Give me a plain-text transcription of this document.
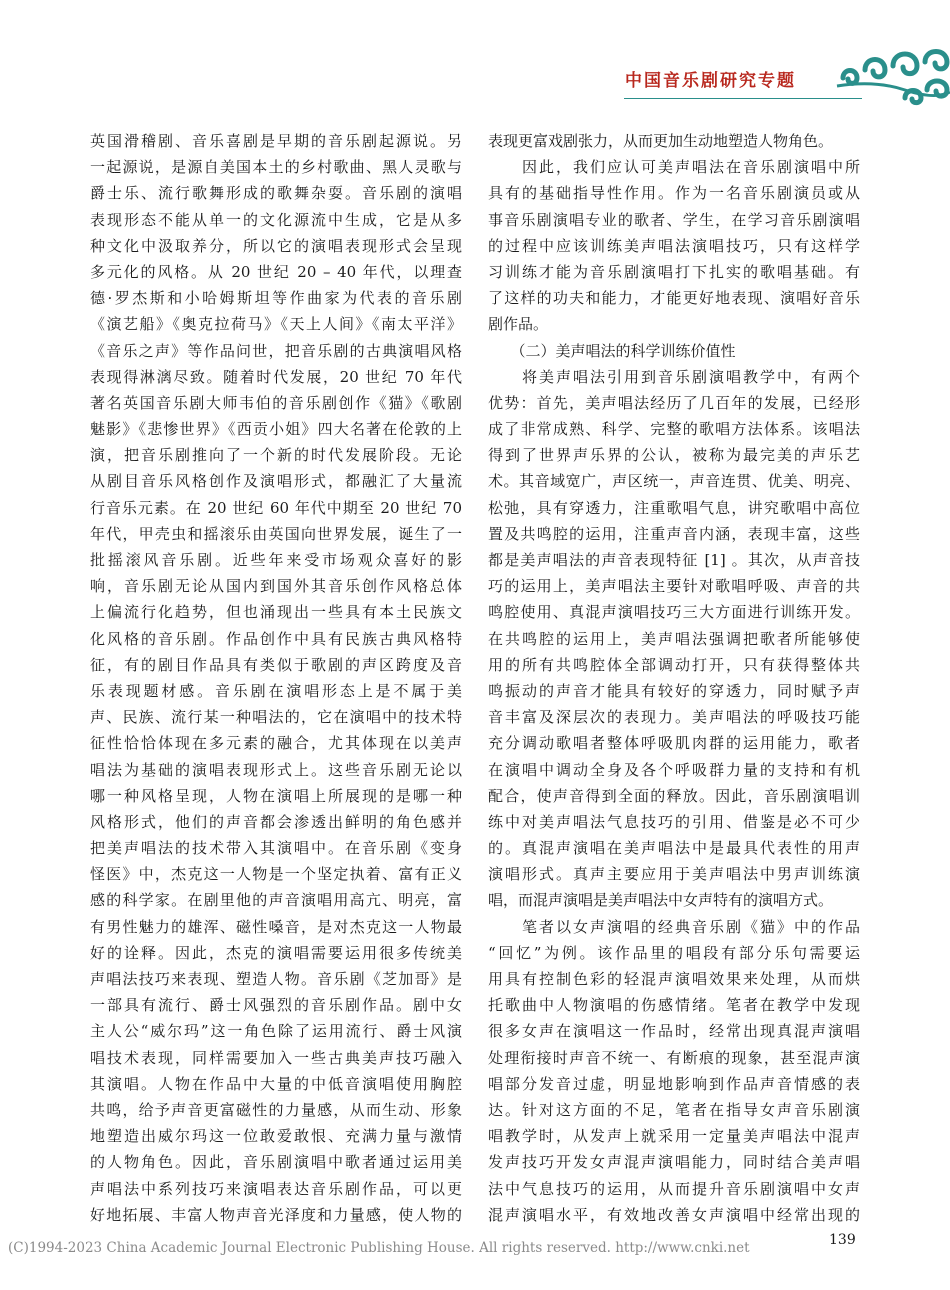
中国音乐剧研究专题
英国滑稽剧、音乐喜剧是早期的音乐剧起源说。另
一起源说，是源自美国本土的乡村歌曲、黑人灵歌与
爵士乐、流行歌舞形成的歌舞杂耍。音乐剧的演唱
表现形态不能从单一的文化源流中生成，它是从多
种文化中汲取养分，所以它的演唱表现形式会呈现
多元化的风格。从 20 世纪 20 – 40 年代，以理查
德·罗杰斯和小哈姆斯坦等作曲家为代表的音乐剧
《演艺船》《奥克拉荷马》《天上人间》《南太平洋》
《音乐之声》等作品问世，把音乐剧的古典演唱风格
表现得淋漓尽致。随着时代发展，20 世纪 70 年代
著名英国音乐剧大师韦伯的音乐剧创作《猫》《歌剧
魅影》《悲惨世界》《西贡小姐》四大名著在伦敦的上
演，把音乐剧推向了一个新的时代发展阶段。无论
从剧目音乐风格创作及演唱形式，都融汇了大量流
行音乐元素。在 20 世纪 60 年代中期至 20 世纪 70
年代，甲壳虫和摇滚乐由英国向世界发展，诞生了一
批摇滚风音乐剧。近些年来受市场观众喜好的影
响，音乐剧无论从国内到国外其音乐创作风格总体
上偏流行化趋势，但也涌现出一些具有本土民族文
化风格的音乐剧。作品创作中具有民族古典风格特
征，有的剧目作品具有类似于歌剧的声区跨度及音
乐表现题材感。音乐剧在演唱形态上是不属于美
声、民族、流行某一种唱法的，它在演唱中的技术特
征性恰恰体现在多元素的融合，尤其体现在以美声
唱法为基础的演唱表现形式上。这些音乐剧无论以
哪一种风格呈现，人物在演唱上所展现的是哪一种
风格形式，他们的声音都会渗透出鲜明的角色感并
把美声唱法的技术带入其演唱中。在音乐剧《变身
怪医》中，杰克这一人物是一个坚定执着、富有正义
感的科学家。在剧里他的声音演唱用高亢、明亮，富
有男性魅力的雄浑、磁性嗓音，是对杰克这一人物最
好的诠释。因此，杰克的演唱需要运用很多传统美
声唱法技巧来表现、塑造人物。音乐剧《芝加哥》是
一部具有流行、爵士风强烈的音乐剧作品。剧中女
主人公“威尔玛”这一角色除了运用流行、爵士风演
唱技术表现，同样需要加入一些古典美声技巧融入
其演唱。人物在作品中大量的中低音演唱使用胸腔
共鸣，给予声音更富磁性的力量感，从而生动、形象
地塑造出威尔玛这一位敢爱敢恨、充满力量与激情
的人物角色。因此，音乐剧演唱中歌者通过运用美
声唱法中系列技巧来演唱表达音乐剧作品，可以更
好地拓展、丰富人物声音光泽度和力量感，使人物的
表现更富戏剧张力，从而更加生动地塑造人物角色。
　　因此，我们应认可美声唱法在音乐剧演唱中所
具有的基础指导性作用。作为一名音乐剧演员或从
事音乐剧演唱专业的歌者、学生，在学习音乐剧演唱
的过程中应该训练美声唱法演唱技巧，只有这样学
习训练才能为音乐剧演唱打下扎实的歌唱基础。有
了这样的功夫和能力，才能更好地表现、演唱好音乐
剧作品。
　　（二）美声唱法的科学训练价值性
　　将美声唱法引用到音乐剧演唱教学中，有两个
优势：首先，美声唱法经历了几百年的发展，已经形
成了非常成熟、科学、完整的歌唱方法体系。该唱法
得到了世界声乐界的公认，被称为最完美的声乐艺
术。其音域宽广，声区统一，声音连贯、优美、明亮、
松弛，具有穿透力，注重歌唱气息，讲究歌唱中高位
置及共鸣腔的运用，注重声音内涵，表现丰富，这些
都是美声唱法的声音表现特征 [1] 。其次，从声音技
巧的运用上，美声唱法主要针对歌唱呼吸、声音的共
鸣腔使用、真混声演唱技巧三大方面进行训练开发。
在共鸣腔的运用上，美声唱法强调把歌者所能够使
用的所有共鸣腔体全部调动打开，只有获得整体共
鸣振动的声音才能具有较好的穿透力，同时赋予声
音丰富及深层次的表现力。美声唱法的呼吸技巧能
充分调动歌唱者整体呼吸肌肉群的运用能力，歌者
在演唱中调动全身及各个呼吸群力量的支持和有机
配合，使声音得到全面的释放。因此，音乐剧演唱训
练中对美声唱法气息技巧的引用、借鉴是必不可少
的。真混声演唱在美声唱法中是最具代表性的用声
演唱形式。真声主要应用于美声唱法中男声训练演
唱，而混声演唱是美声唱法中女声特有的演唱方式。
　　笔者以女声演唱的经典音乐剧《猫》中的作品
“回忆”为例。该作品里的唱段有部分乐句需要运
用具有控制色彩的轻混声演唱效果来处理，从而烘
托歌曲中人物演唱的伤感情绪。笔者在教学中发现
很多女声在演唱这一作品时，经常出现真混声演唱
处理衔接时声音不统一、有断痕的现象，甚至混声演
唱部分发音过虚，明显地影响到作品声音情感的表
达。针对这方面的不足，笔者在指导女声音乐剧演
唱教学时，从发声上就采用一定量美声唱法中混声
发声技巧开发女声混声演唱能力，同时结合美声唱
法中气息技巧的运用，从而提升音乐剧演唱中女声
混声演唱水平，有效地改善女声演唱中经常出现的
139
(C)1994-2023 China Academic Journal Electronic Publishing House. All rights reserved. http://www.cnki.net
